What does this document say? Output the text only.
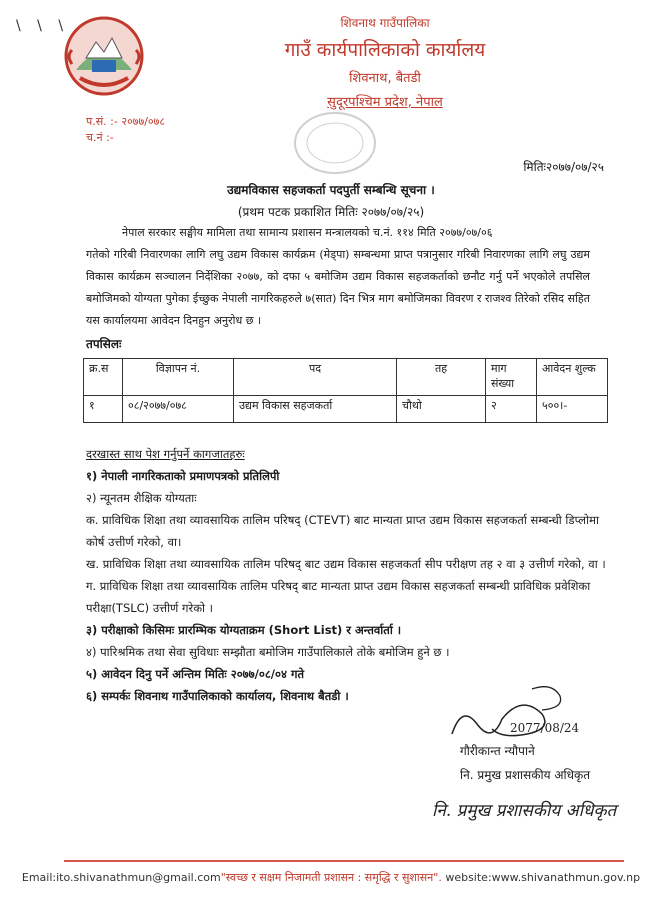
\ \ \	शिवनाथ गाउँपालिका
गाउँ कार्यपालिकाको कार्यालय
शिवनाथ, बैतडी
सुदूरपश्चिम प्रदेश, नेपाल
प.सं. :- २०७७/०७८
च.नं :-
मितिः२०७७/०७/२५
उद्यमविकास सहजकर्ता पदपुर्ती सम्बन्धि सूचना ।
(प्रथम पटक प्रकाशित मितिः २०७७/०७/२५)
नेपाल सरकार सङ्घीय मामिला तथा सामान्य प्रशासन मन्त्रालयको च.नं. ११४ मिति २०७७/०७/०६
गतेको गरिबी निवारणका लागि लघु उद्यम विकास कार्यक्रम (मेड्पा) सम्बन्धमा प्राप्त पत्रानुसार गरिबी निवारणका लागि लघु उद्यम विकास कार्यक्रम सञ्चालन निर्देशिका २०७७, को दफा ५ बमोजिम उद्यम विकास सहजकर्ताको छनौट गर्नु पर्ने भएकोले तपसिल बमोजिमको योग्यता पुगेका ईच्छुक नेपाली नागरिकहरुले ७(सात) दिन भित्र माग बमोजिमका विवरण र राजश्व तिरेको रसिद सहित यस कार्यालयमा आवेदन दिनहुन अनुरोध छ ।
तपसिलः
क्र.स	विज्ञापन नं.	पद	तह	माग संख्या	आवेदन शुल्क
१	०८/२०७७/०७८	उद्यम विकास सहजकर्ता	चौथो	२	५००।-
दरखास्त साथ पेश गर्नुपर्ने कागजातहरुः
१) नेपाली नागरिकताको प्रमाणपत्रको प्रतिलिपी
२) न्यूनतम शैक्षिक योग्यताः
क. प्राविधिक शिक्षा तथा व्यावसायिक तालिम परिषद् (CTEVT) बाट मान्यता प्राप्त उद्यम विकास सहजकर्ता सम्बन्धी डिप्लोमा कोर्ष उत्तीर्ण गरेको, वा।
ख. प्राविधिक शिक्षा तथा व्यावसायिक तालिम परिषद् बाट उद्यम विकास सहजकर्ता सीप परीक्षण तह २ वा ३ उत्तीर्ण गरेको, वा ।
ग. प्राविधिक शिक्षा तथा व्यावसायिक तालिम परिषद् बाट मान्यता प्राप्त उद्यम विकास सहजकर्ता सम्बन्धी प्राविधिक प्रवेशिका परीक्षा(TSLC) उत्तीर्ण गरेको ।
३) परीक्षाको किसिमः प्रारम्भिक योग्यताक्रम (Short List) र अन्तर्वार्ता ।
४) पारिश्रमिक तथा सेवा सुविधाः सम्झौता बमोजिम गाउँपालिकाले तोके बमोजिम हुने छ ।
५) आवेदन दिनु पर्ने अन्तिम मितिः २०७७/०८/०४ गते
६) सम्पर्कः शिवनाथ गाउँपालिकाको कार्यालय, शिवनाथ बैतडी ।
2077/08/24
गौरीकान्त न्यौपाने
नि. प्रमुख प्रशासकीय अधिकृत
नि. प्रमुख प्रशासकीय अधिकृत
Email:ito.shivanathmun@gmail.com"स्वच्छ र सक्षम निजामती प्रशासन : समृद्धि र सुशासन". website:www.shivanathmun.gov.np
